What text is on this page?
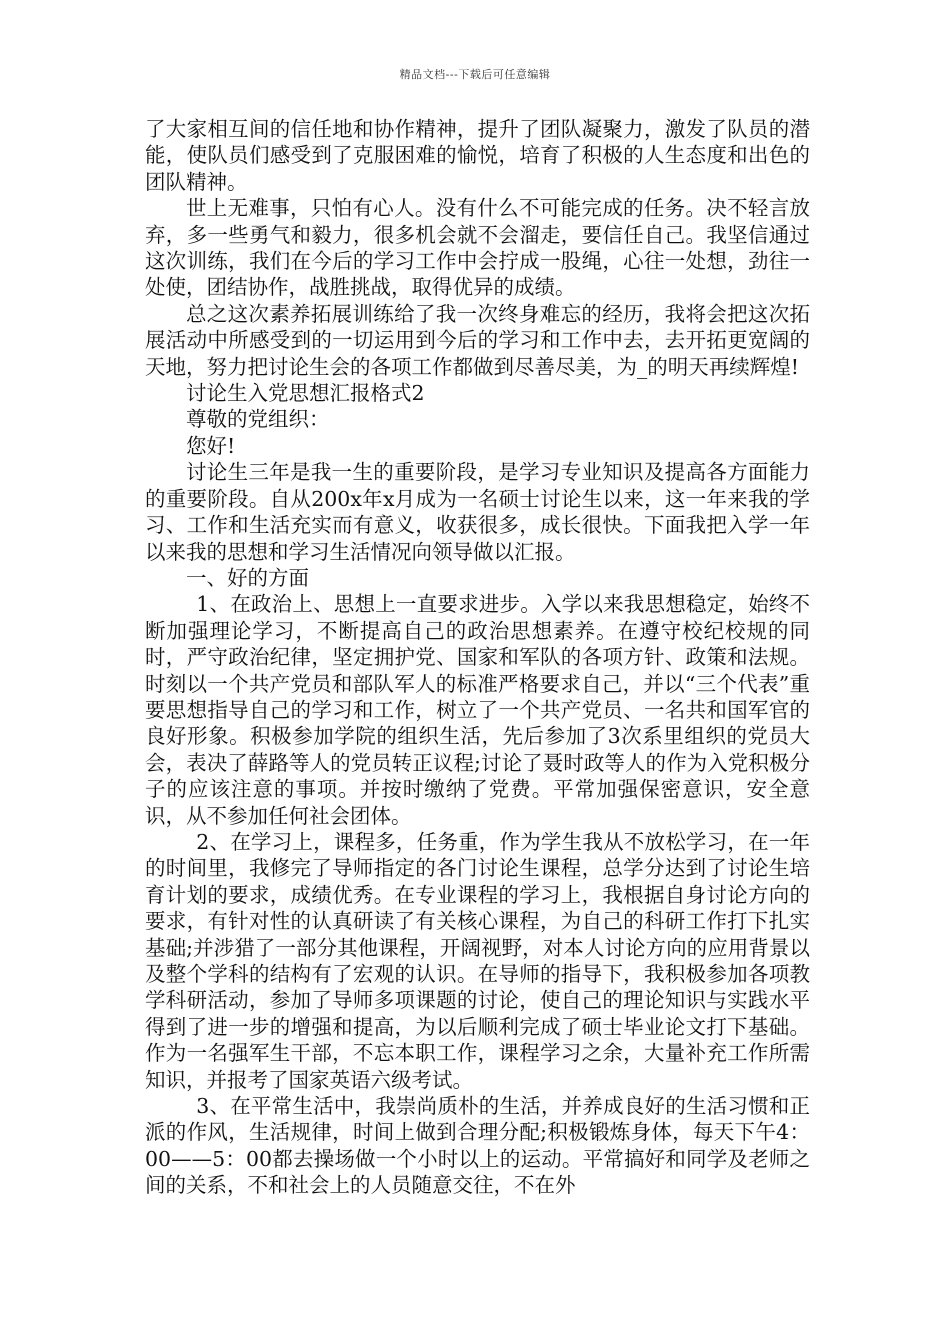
精品文档---下载后可任意编辑

了大家相互间的信任地和协作精神，提升了团队凝聚力，激发了队员的潜能，使队员们感受到了克服困难的愉悦，培育了积极的人生态度和出色的团队精神。

世上无难事，只怕有心人。没有什么不可能完成的任务。决不轻言放弃，多一些勇气和毅力，很多机会就不会溜走，要信任自己。我坚信通过这次训练，我们在今后的学习工作中会拧成一股绳，心往一处想，劲往一处使，团结协作，战胜挑战，取得优异的成绩。

总之这次素养拓展训练给了我一次终身难忘的经历，我将会把这次拓展活动中所感受到的一切运用到今后的学习和工作中去，去开拓更宽阔的天地，努力把讨论生会的各项工作都做到尽善尽美，为_的明天再续辉煌!

讨论生入党思想汇报格式2

尊敬的党组织：

您好!

讨论生三年是我一生的重要阶段，是学习专业知识及提高各方面能力的重要阶段。自从200x年x月成为一名硕士讨论生以来，这一年来我的学习、工作和生活充实而有意义，收获很多，成长很快。下面我把入学一年以来我的思想和学习生活情况向领导做以汇报。

一、好的方面

1、在政治上、思想上一直要求进步。入学以来我思想稳定，始终不断加强理论学习，不断提高自己的政治思想素养。在遵守校纪校规的同时，严守政治纪律，坚定拥护党、国家和军队的各项方针、政策和法规。时刻以一个共产党员和部队军人的标准严格要求自己，并以“三个代表”重要思想指导自己的学习和工作，树立了一个共产党员、一名共和国军官的良好形象。积极参加学院的组织生活，先后参加了3次系里组织的党员大会，表决了薛路等人的党员转正议程;讨论了聂时政等人的作为入党积极分子的应该注意的事项。并按时缴纳了党费。平常加强保密意识，安全意识，从不参加任何社会团体。

2、在学习上，课程多，任务重，作为学生我从不放松学习，在一年的时间里，我修完了导师指定的各门讨论生课程，总学分达到了讨论生培育计划的要求，成绩优秀。在专业课程的学习上，我根据自身讨论方向的要求，有针对性的认真研读了有关核心课程，为自己的科研工作打下扎实基础;并涉猎了一部分其他课程，开阔视野，对本人讨论方向的应用背景以及整个学科的结构有了宏观的认识。在导师的指导下，我积极参加各项教学科研活动，参加了导师多项课题的讨论，使自己的理论知识与实践水平得到了进一步的增强和提高，为以后顺利完成了硕士毕业论文打下基础。作为一名强军生干部，不忘本职工作，课程学习之余，大量补充工作所需知识，并报考了国家英语六级考试。

3、在平常生活中，我崇尚质朴的生活，并养成良好的生活习惯和正派的作风，生活规律，时间上做到合理分配;积极锻炼身体，每天下午4：00——5：00都去操场做一个小时以上的运动。平常搞好和同学及老师之间的关系，不和社会上的人员随意交往，不在外
